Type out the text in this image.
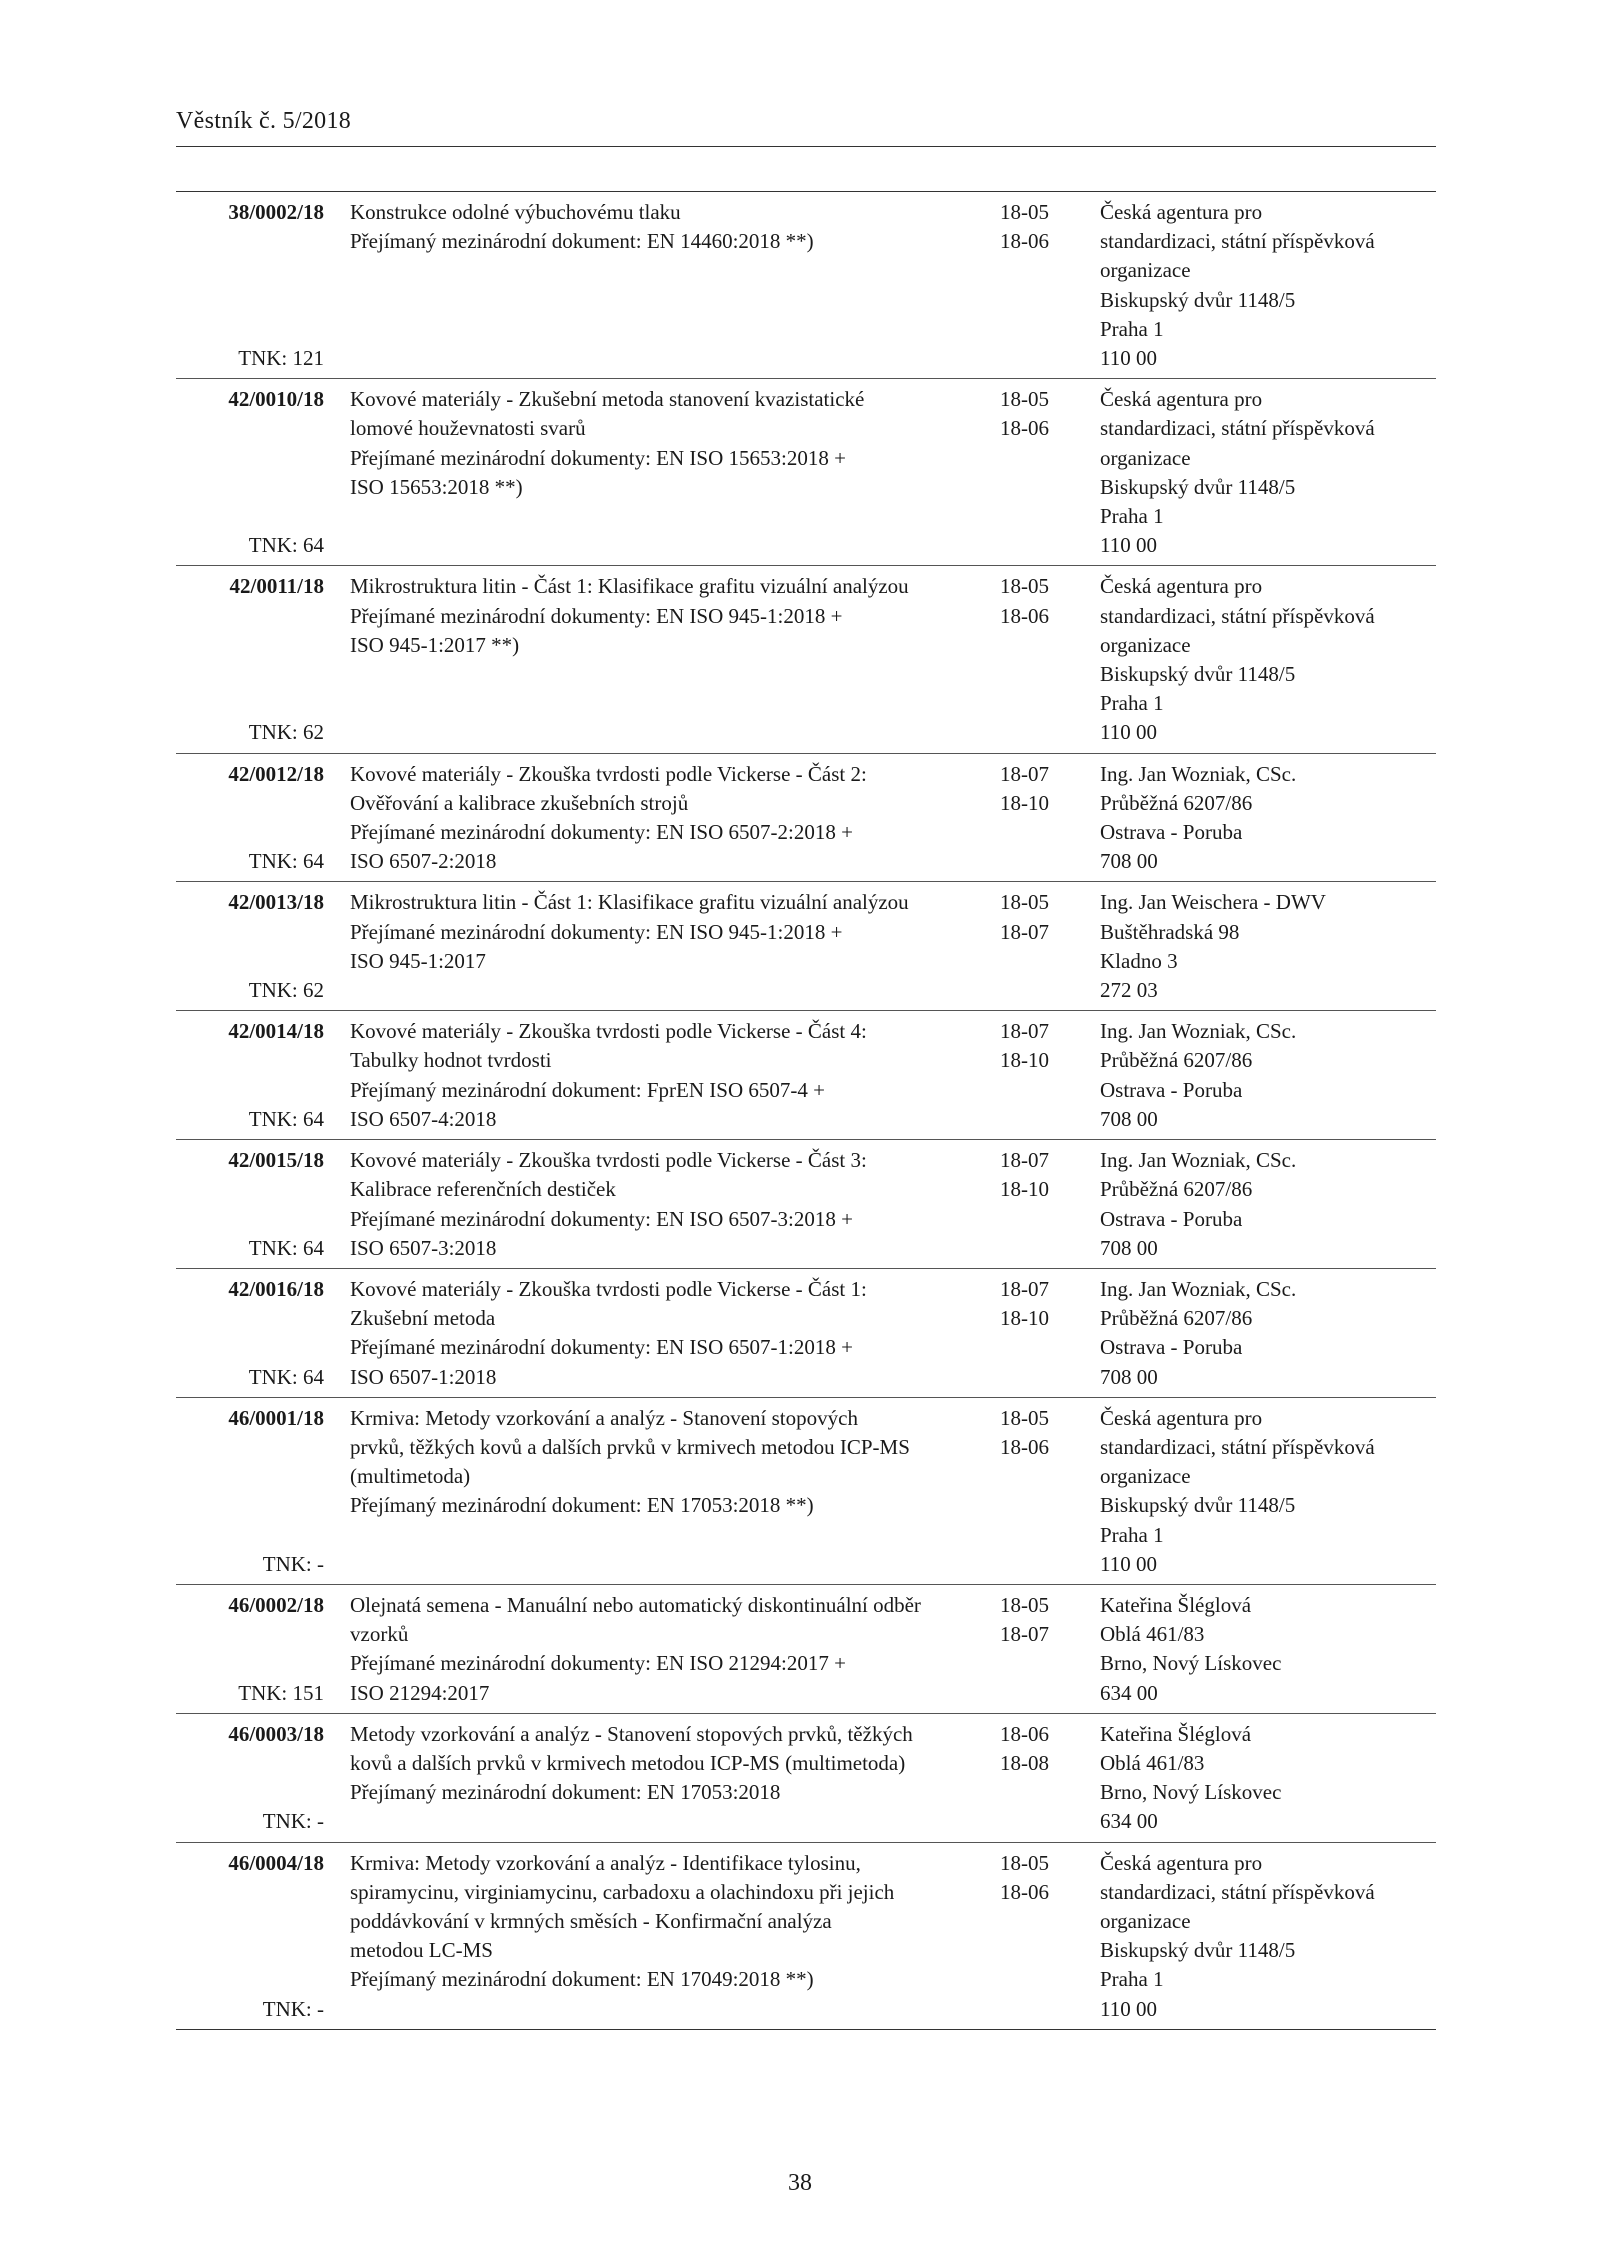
Věstník č. 5/2018
38/0002/18
TNK: 121
Konstrukce odolné výbuchovému tlaku
Přejímaný mezinárodní dokument: EN 14460:2018 **)
18-05
18-06
Česká agentura pro
standardizaci, státní příspěvková
organizace
Biskupský dvůr 1148/5
Praha 1
110 00
42/0010/18
TNK: 64
Kovové materiály - Zkušební metoda stanovení kvazistatické
lomové houževnatosti svarů
Přejímané mezinárodní dokumenty: EN ISO 15653:2018 +
ISO 15653:2018 **)
18-05
18-06
Česká agentura pro
standardizaci, státní příspěvková
organizace
Biskupský dvůr 1148/5
Praha 1
110 00
42/0011/18
TNK: 62
Mikrostruktura litin - Část 1: Klasifikace grafitu vizuální analýzou
Přejímané mezinárodní dokumenty: EN ISO 945-1:2018 +
ISO 945-1:2017 **)
18-05
18-06
Česká agentura pro
standardizaci, státní příspěvková
organizace
Biskupský dvůr 1148/5
Praha 1
110 00
42/0012/18
TNK: 64
Kovové materiály - Zkouška tvrdosti podle Vickerse - Část 2:
Ověřování a kalibrace zkušebních strojů
Přejímané mezinárodní dokumenty: EN ISO 6507-2:2018 +
ISO 6507-2:2018
18-07
18-10
Ing. Jan Wozniak, CSc.
Průběžná 6207/86
Ostrava - Poruba
708 00
42/0013/18
TNK: 62
Mikrostruktura litin - Část 1: Klasifikace grafitu vizuální analýzou
Přejímané mezinárodní dokumenty: EN ISO 945-1:2018 +
ISO 945-1:2017
18-05
18-07
Ing. Jan Weischera - DWV
Buštěhradská 98
Kladno 3
272 03
42/0014/18
TNK: 64
Kovové materiály - Zkouška tvrdosti podle Vickerse - Část 4:
Tabulky hodnot tvrdosti
Přejímaný mezinárodní dokument: FprEN ISO 6507-4 +
ISO 6507-4:2018
18-07
18-10
Ing. Jan Wozniak, CSc.
Průběžná 6207/86
Ostrava - Poruba
708 00
42/0015/18
TNK: 64
Kovové materiály - Zkouška tvrdosti podle Vickerse - Část 3:
Kalibrace referenčních destiček
Přejímané mezinárodní dokumenty: EN ISO 6507-3:2018 +
ISO 6507-3:2018
18-07
18-10
Ing. Jan Wozniak, CSc.
Průběžná 6207/86
Ostrava - Poruba
708 00
42/0016/18
TNK: 64
Kovové materiály - Zkouška tvrdosti podle Vickerse - Část 1:
Zkušební metoda
Přejímané mezinárodní dokumenty: EN ISO 6507-1:2018 +
ISO 6507-1:2018
18-07
18-10
Ing. Jan Wozniak, CSc.
Průběžná 6207/86
Ostrava - Poruba
708 00
46/0001/18
TNK: -
Krmiva: Metody vzorkování a analýz - Stanovení stopových
prvků, těžkých kovů a dalších prvků v krmivech metodou ICP-MS
(multimetoda)
Přejímaný mezinárodní dokument: EN 17053:2018 **)
18-05
18-06
Česká agentura pro
standardizaci, státní příspěvková
organizace
Biskupský dvůr 1148/5
Praha 1
110 00
46/0002/18
TNK: 151
Olejnatá semena - Manuální nebo automatický diskontinuální odběr
vzorků
Přejímané mezinárodní dokumenty: EN ISO 21294:2017 +
ISO 21294:2017
18-05
18-07
Kateřina Šléglová
Oblá 461/83
Brno, Nový Lískovec
634 00
46/0003/18
TNK: -
Metody vzorkování a analýz - Stanovení stopových prvků, těžkých
kovů a dalších prvků v krmivech metodou ICP-MS (multimetoda)
Přejímaný mezinárodní dokument: EN 17053:2018
18-06
18-08
Kateřina Šléglová
Oblá 461/83
Brno, Nový Lískovec
634 00
46/0004/18
TNK: -
Krmiva: Metody vzorkování a analýz - Identifikace tylosinu,
spiramycinu, virginiamycinu, carbadoxu a olachindoxu při jejich
poddávkování v krmných směsích - Konfirmační analýza
metodou LC-MS
Přejímaný mezinárodní dokument: EN 17049:2018 **)
18-05
18-06
Česká agentura pro
standardizaci, státní příspěvková
organizace
Biskupský dvůr 1148/5
Praha 1
110 00
38
